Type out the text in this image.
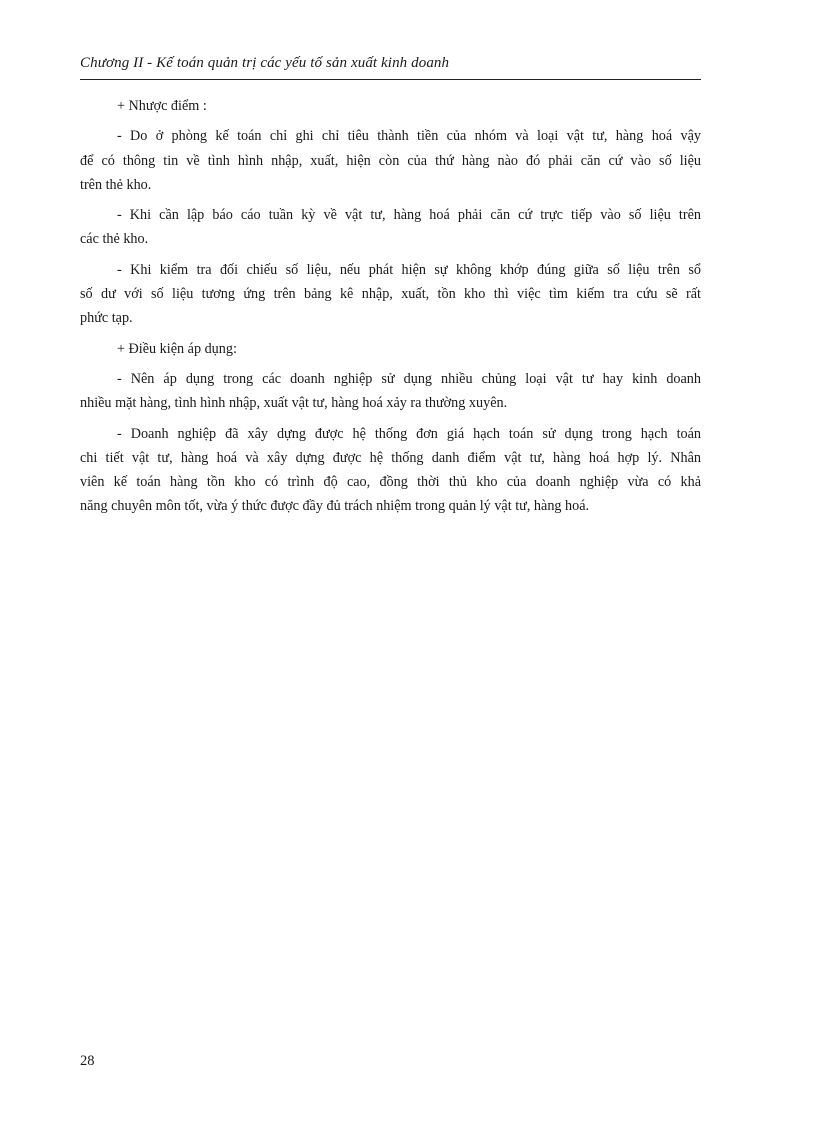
Chương II - Kế toán quản trị các yếu tố sản xuất kinh doanh

+ Nhược điểm :

- Do ở phòng kế toán chỉ ghi chỉ tiêu thành tiền của nhóm và loại vật tư, hàng hoá vậy
để có thông tin về tình hình nhập, xuất, hiện còn của thứ hàng nào đó phải căn cứ vào số liệu
trên thẻ kho.

- Khi cần lập báo cáo tuần kỳ về vật tư, hàng hoá phải căn cứ trực tiếp vào số liệu trên
các thẻ kho.

- Khi kiểm tra đối chiếu số liệu, nếu phát hiện sự không khớp đúng giữa số liệu trên sổ
số dư với số liệu tương ứng trên bảng kê nhập, xuất, tồn kho thì việc tìm kiếm tra cứu sẽ rất
phức tạp.

+ Điều kiện áp dụng:

- Nên áp dụng trong các doanh nghiệp sử dụng nhiều chủng loại vật tư hay kinh doanh
nhiều mặt hàng, tình hình nhập, xuất vật tư, hàng hoá xảy ra thường xuyên.

- Doanh nghiệp đã xây dựng được hệ thống đơn giá hạch toán sử dụng trong hạch toán
chi tiết vật tư, hàng hoá và xây dựng được hệ thống danh điểm vật tư, hàng hoá hợp lý. Nhân
viên kế toán hàng tồn kho có trình độ cao, đồng thời thủ kho của doanh nghiệp vừa có khả
năng chuyên môn tốt, vừa ý thức được đầy đủ trách nhiệm trong quản lý vật tư, hàng hoá.

28
